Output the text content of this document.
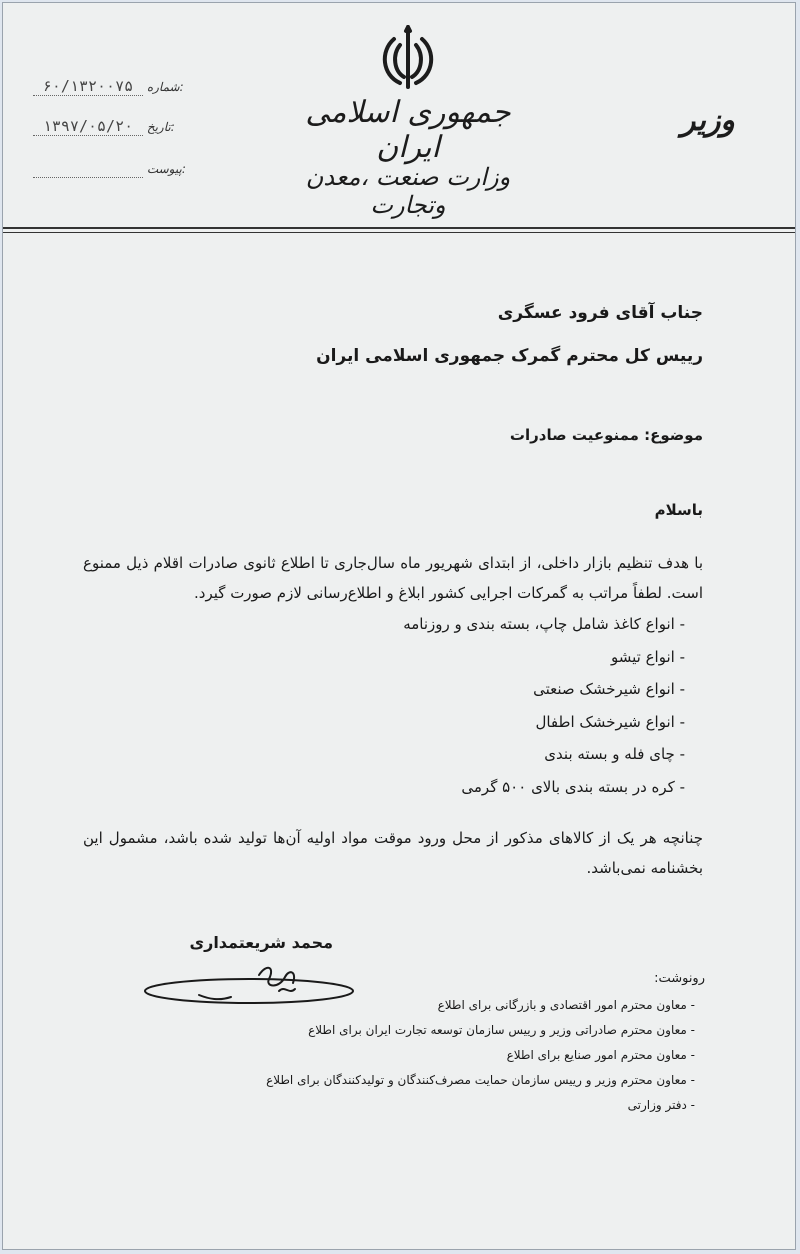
جمهوری اسلامی ایران
وزارت صنعت ،معدن وتجارت
وزیر
۶۰/۱۳۲۰۰۷۵ شماره:
۱۳۹۷/۰۵/۲۰ تاریخ:
پیوست:
جناب آقای فرود عسگری
رییس کل محترم گمرک جمهوری اسلامی ایران
موضوع: ممنوعیت صادرات
باسلام
با هدف تنظیم بازار داخلی، از ابتدای شهریور ماه سال‌جاری تا اطلاع ثانوی صادرات اقلام ذیل ممنوع است. لطفاً مراتب به گمرکات اجرایی کشور ابلاغ و اطلاع‌رسانی لازم صورت گیرد.
- انواع کاغذ شامل چاپ، بسته بندی و روزنامه
- انواع تیشو
- انواع شیرخشک صنعتی
- انواع شیرخشک اطفال
- چای فله و بسته بندی
- کره در بسته بندی بالای ۵۰۰ گرمی
چنانچه هر یک از کالاهای مذکور از محل ورود موقت مواد اولیه آن‌ها تولید شده باشد، مشمول این بخشنامه نمی‌باشد.
محمد شریعتمداری
رونوشت:
- معاون محترم امور اقتصادی و بازرگانی برای اطلاع
- معاون محترم صادراتی وزیر و رییس سازمان توسعه تجارت ایران برای اطلاع
- معاون محترم امور صنایع برای اطلاع
- معاون محترم وزیر و رییس سازمان حمایت مصرف‌کنندگان و تولیدکنندگان برای اطلاع
- دفتر وزارتی
